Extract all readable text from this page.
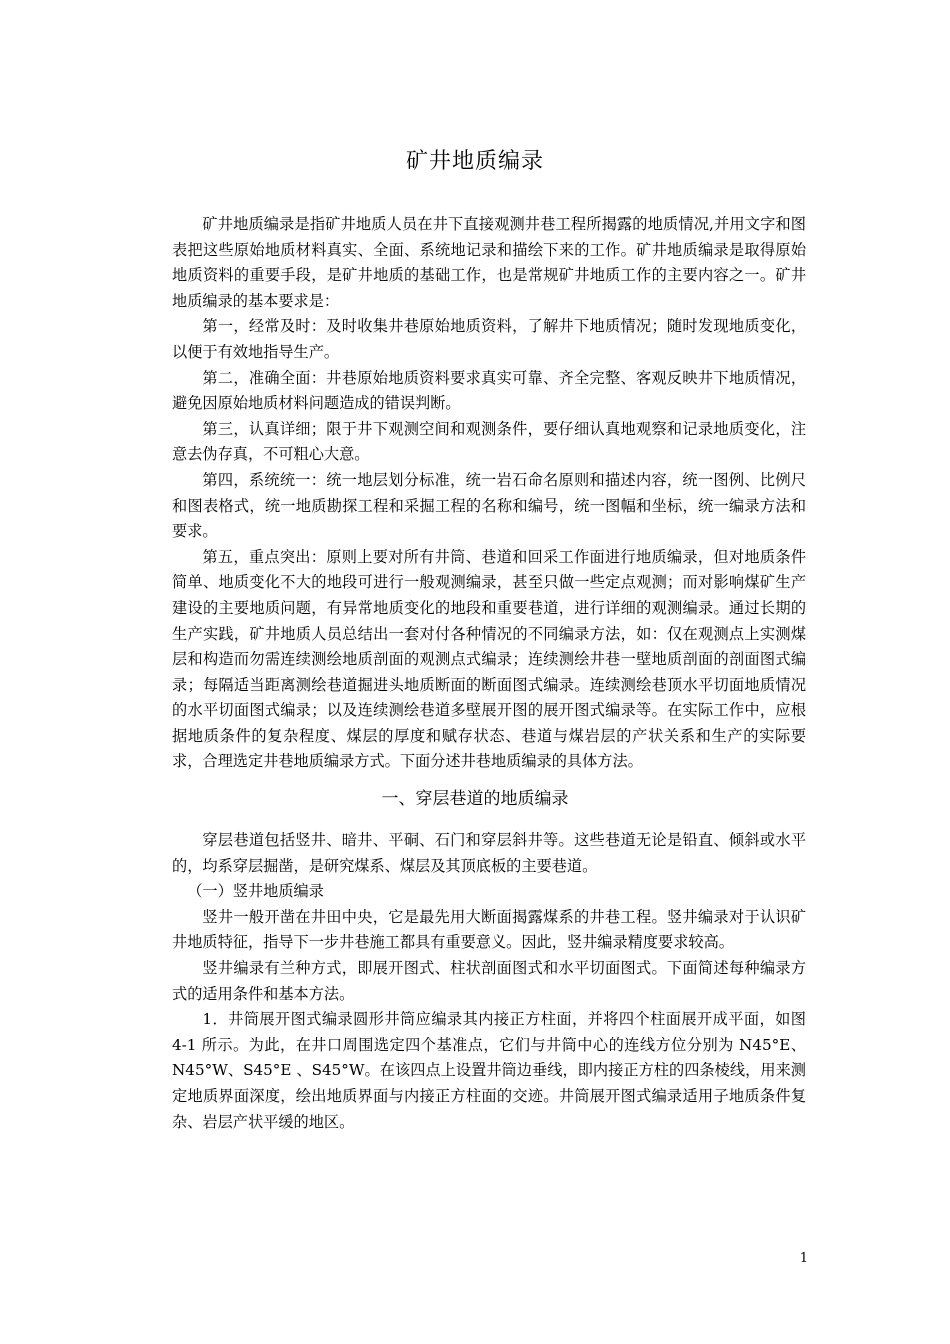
矿井地质编录

矿井地质编录是指矿井地质人员在井下直接观测井巷工程所揭露的地质情况,并用文字和图表把这些原始地质材料真实、全面、系统地记录和描绘下来的工作。矿井地质编录是取得原始地质资料的重要手段，是矿井地质的基础工作，也是常规矿井地质工作的主要内容之一。矿井地质编录的基本要求是：

第一，经常及时：及时收集井巷原始地质资料，了解井下地质情况；随时发现地质变化，以便于有效地指导生产。

第二，准确全面：井巷原始地质资料要求真实可靠、齐全完整、客观反映井下地质情况，避免因原始地质材料问题造成的错误判断。

第三，认真详细；限于井下观测空间和观测条件，要仔细认真地观察和记录地质变化，注意去伪存真，不可粗心大意。

第四，系统统一：统一地层划分标准，统一岩石命名原则和描述内容，统一图例、比例尺和图表格式，统一地质勘探工程和采掘工程的名称和编号，统一图幅和坐标，统一编录方法和要求。

第五，重点突出：原则上要对所有井筒、巷道和回采工作面进行地质编录，但对地质条件简单、地质变化不大的地段可进行一般观测编录，甚至只做一些定点观测；而对影响煤矿生产建设的主要地质问题，有异常地质变化的地段和重要巷道，进行详细的观测编录。通过长期的生产实践，矿井地质人员总结出一套对付各种情况的不同编录方法，如：仅在观测点上实测煤层和构造而勿需连续测绘地质剖面的观测点式编录；连续测绘井巷一壁地质剖面的剖面图式编录；每隔适当距离测绘巷道掘进头地质断面的断面图式编录。连续测绘巷顶水平切面地质情况的水平切面图式编录；以及连续测绘巷道多壁展开图的展开图式编录等。在实际工作中，应根据地质条件的复杂程度、煤层的厚度和赋存状态、巷道与煤岩层的产状关系和生产的实际要求，合理选定井巷地质编录方式。下面分述井巷地质编录的具体方法。

一、穿层巷道的地质编录

穿层巷道包括竖井、暗井、平硐、石门和穿层斜井等。这些巷道无论是铅直、倾斜或水平的，均系穿层掘凿，是研究煤系、煤层及其顶底板的主要巷道。

（一）竖井地质编录

竖井一般开凿在井田中央，它是最先用大断面揭露煤系的井巷工程。竖井编录对于认识矿井地质特征，指导下一步井巷施工都具有重要意义。因此，竖井编录精度要求较高。

竖井编录有兰种方式，即展开图式、柱状剖面图式和水平切面图式。下面简述每种编录方式的适用条件和基本方法。

1．井筒展开图式编录圆形井筒应编录其内接正方柱面，并将四个柱面展开成平面，如图 4-1 所示。为此，在井口周围选定四个基准点，它们与井筒中心的连线方位分别为 N45°E、N45°W、S45°E 、S45°W。在该四点上设置井筒边垂线，即内接正方柱的四条棱线，用来测定地质界面深度，绘出地质界面与内接正方柱面的交迹。井筒展开图式编录适用子地质条件复杂、岩层产状平缓的地区。

1
